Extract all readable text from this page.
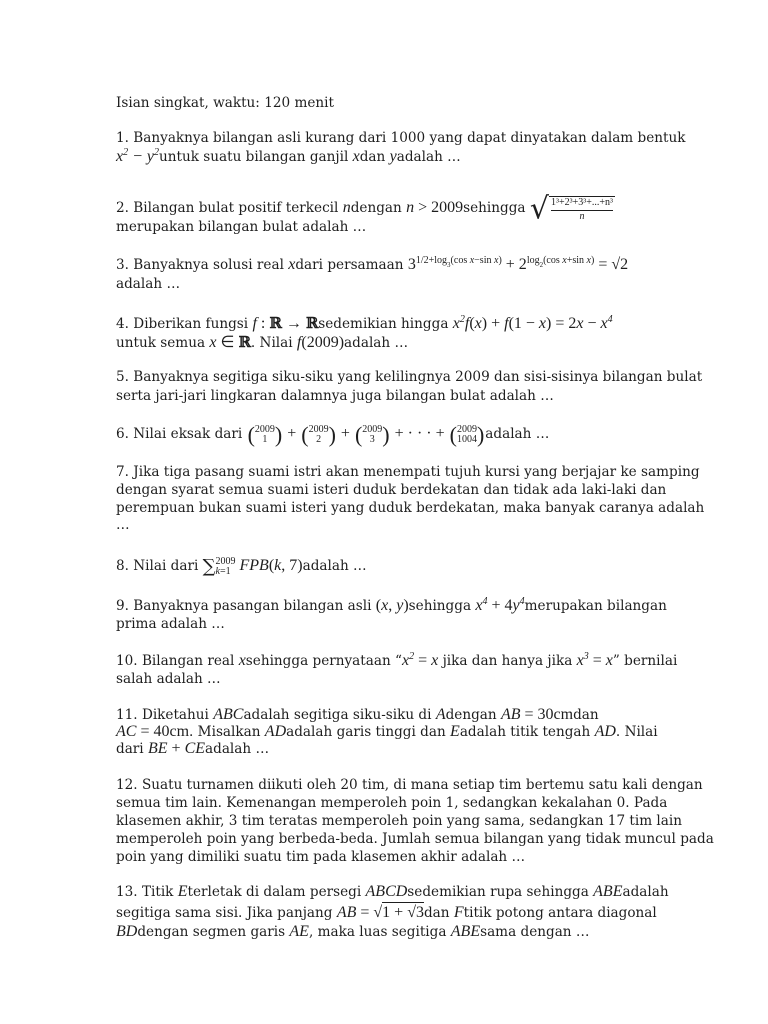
Isian singkat, waktu: 120 menit
1. Banyaknya bilangan asli kurang dari 1000 yang dapat dinyatakan dalam bentuk
$x^2$ − $y^2untuk$ suatu bilangan ganjil xdan yadalah …
2. Bilangan bulat positif terkecil ndengan n > 2009sehingga √ $\frac{\text{1³+2³+3³+...+n³}}{n}$
merupakan bilangan bulat adalah …
3. Banyaknya solusi real xdari persamaan $3^{1/2+log_3(cos x-sin x)} + 2^{log_2(cos x+sin x)} = √2$
adalah …
4. Diberikan fungsi f : ℝ → ℝsedemikian hingga $x^2f(x) + f(1 - x) = 2x - x^4$
untuk semua x ∈ ℝ. Nilai f(2009)adalah …
5. Banyaknya segitiga siku-siku yang kelilingnya 2009 dan sisi-sisinya bilangan bulat
serta jari-jari lingkaran dalamnya juga bilangan bulat adalah …
6. Nilai eksak dari (2009
1 ) + (2009
2 ) + (2009
3 ) + · · · + (2009
1004)adalah …
7. Jika tiga pasang suami istri akan menempati tujuh kursi yang berjajar ke samping
dengan syarat semua suami isteri duduk berdekatan dan tidak ada laki-laki dan
perempuan bukan suami isteri yang duduk berdekatan, maka banyak caranya adalah
…
8. Nilai dari ∑2009
k=1 FPB(k, 7)adalah …
9. Banyaknya pasangan bilangan asli (x, y)sehingga $x^4$ + $4y^4merupakan$ bilangan
prima adalah …
10. Bilangan real xsehingga pernyataan “$x^2 = x$ jika dan hanya jika $x^3 = x$” bernilai
salah adalah …
11. Diketahui ABCadalah segitiga siku-siku di Adengan AB = 30cmdan
AC = 40cm. Misalkan ADadalah garis tinggi dan Eadalah titik tengah AD. Nilai
dari BE + CEadalah …
12. Suatu turnamen diikuti oleh 20 tim, di mana setiap tim bertemu satu kali dengan
semua tim lain. Kemenangan memperoleh poin 1, sedangkan kekalahan 0. Pada
klasemen akhir, 3 tim teratas memperoleh poin yang sama, sedangkan 17 tim lain
memperoleh poin yang berbeda-beda. Jumlah semua bilangan yang tidak muncul pada
poin yang dimiliki suatu tim pada klasemen akhir adalah …
13. Titik Eterletak di dalam persegi ABCDsedemikian rupa sehingga ABEadalah
segitiga sama sisi. Jika panjang AB = √1 + √3dan Ftitik potong antara diagonal
BDdengan segmen garis AE, maka luas segitiga ABEsama dengan …
